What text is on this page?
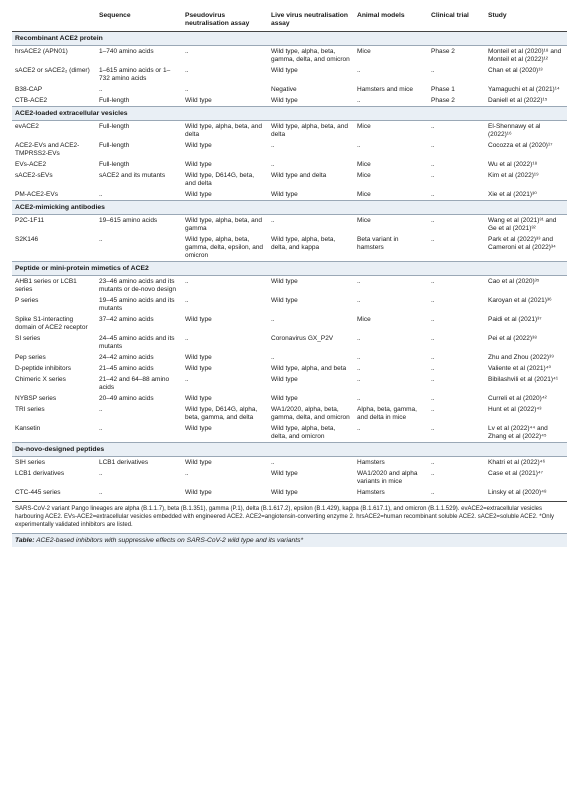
	Sequence	Pseudovirus neutralisation assay	Live virus neutralisation assay	Animal models	Clinical trial	Study
Recombinant ACE2 protein						
hrsACE2 (APN01)	1–740 amino acids	..	Wild type, alpha, beta, gamma, delta, and omicron	Mice	Phase 2	Monteil et al (2020)¹⁸ and Monteil et al (2022)¹²
sACE2 or sACE2₂ (dimer)	1–615 amino acids or 1–732 amino acids	..	Wild type	..	..	Chan et al (2020)¹³
B38-CAP	..	..	Negative	Hamsters and mice	Phase 1	Yamaguchi et al (2021)¹⁴
CTB-ACE2	Full-length	Wild type	Wild type	..	Phase 2	Daniell et al (2022)¹⁵
ACE2-loaded extracellular vesicles						
evACE2	Full-length	Wild type, alpha, beta, and delta	Wild type, alpha, beta, and delta	Mice	..	El-Shennawy et al (2022)¹⁶
ACE2-EVs and ACE2-TMPRSS2-EVs	Full-length	Wild type	..	..	..	Cocozza et al (2020)¹⁷
EVs-ACE2	Full-length	Wild type	..	Mice	..	Wu et al (2022)¹⁸
sACE2-sEVs	sACE2 and its mutants	Wild type, D614G, beta, and delta	Wild type and delta	Mice	..	Kim et al (2022)¹⁹
PM-ACE2-EVs	..	Wild type	Wild type	Mice	..	Xie et al (2021)³⁰
ACE2-mimicking antibodies						
P2C-1F11	19–615 amino acids	Wild type, alpha, beta, and gamma	..	Mice	..	Wang et al (2021)³¹ and Ge et al (2021)³²
S2K146	..	Wild type, alpha, beta, gamma, delta, epsilon, and omicron	Wild type, alpha, beta, delta, and kappa	Beta variant in hamsters	..	Park et al (2022)³³ and Cameroni et al (2022)³⁴
Peptide or mini-protein mimetics of ACE2						
AHB1 series or LCB1 series	23–46 amino acids and its mutants or de-novo design	..	Wild type	..	..	Cao et al (2020)³⁵
P series	19–45 amino acids and its mutants	..	Wild type	..	..	Karoyan et al (2021)³⁶
Spike S1-interacting domain of ACE2 receptor	37–42 amino acids	Wild type	..	Mice	..	Paidi et al (2021)³⁷
SI series	24–45 amino acids and its mutants	..	Coronavirus GX_P2V	..	..	Pei et al (2022)³⁸
Pep series	24–42 amino acids	Wild type	..	..	..	Zhu and Zhou (2022)³⁹
D-peptide inhibitors	21–45 amino acids	Wild type	Wild type, alpha, and beta	..	..	Valiente et al (2021)⁴⁰
Chimeric X series	21–42 and 64–88 amino acids	..	Wild type	..	..	Bibilashvili et al (2021)⁴¹
NYBSP series	20–49 amino acids	Wild type	Wild type	..	..	Curreli et al (2020)⁴²
TRI series	..	Wild type, D614G, alpha, beta, gamma, and delta	WA1/2020, alpha, beta, gamma, delta, and omicron	Alpha, beta, gamma, and delta in mice	..	Hunt et al (2022)⁴³
Kansetin	..	Wild type	Wild type, alpha, beta, delta, and omicron	..	..	Lv et al (2022)⁴⁴ and Zhang et al (2022)⁴⁵
De-novo-designed peptides						
SIH series	LCB1 derivatives	Wild type	..	Hamsters	..	Khatri et al (2022)⁴⁶
LCB1 derivatives	..	..	Wild type	WA1/2020 and alpha variants in mice	..	Case et al (2021)⁴⁷
CTC-445 series	..	Wild type	Wild type	Hamsters	..	Linsky et al (2020)⁴⁸
SARS-CoV-2 variant Pango lineages are alpha (B.1.1.7), beta (B.1.351), gamma (P.1), delta (B.1.617.2), epsilon (B.1.429), kappa (B.1.617.1), and omicron (B.1.1.529). evACE2=extracellular vesicles harbouring ACE2. EVs-ACE2=extracellular vesicles embedded with engineered ACE2. ACE2=angiotensin-converting enzyme 2. hrsACE2=human recombinant soluble ACE2. sACE2=soluble ACE2. *Only experimentally validated inhibitors are listed.
Table: ACE2-based inhibitors with suppressive effects on SARS-CoV-2 wild type and its variants*
